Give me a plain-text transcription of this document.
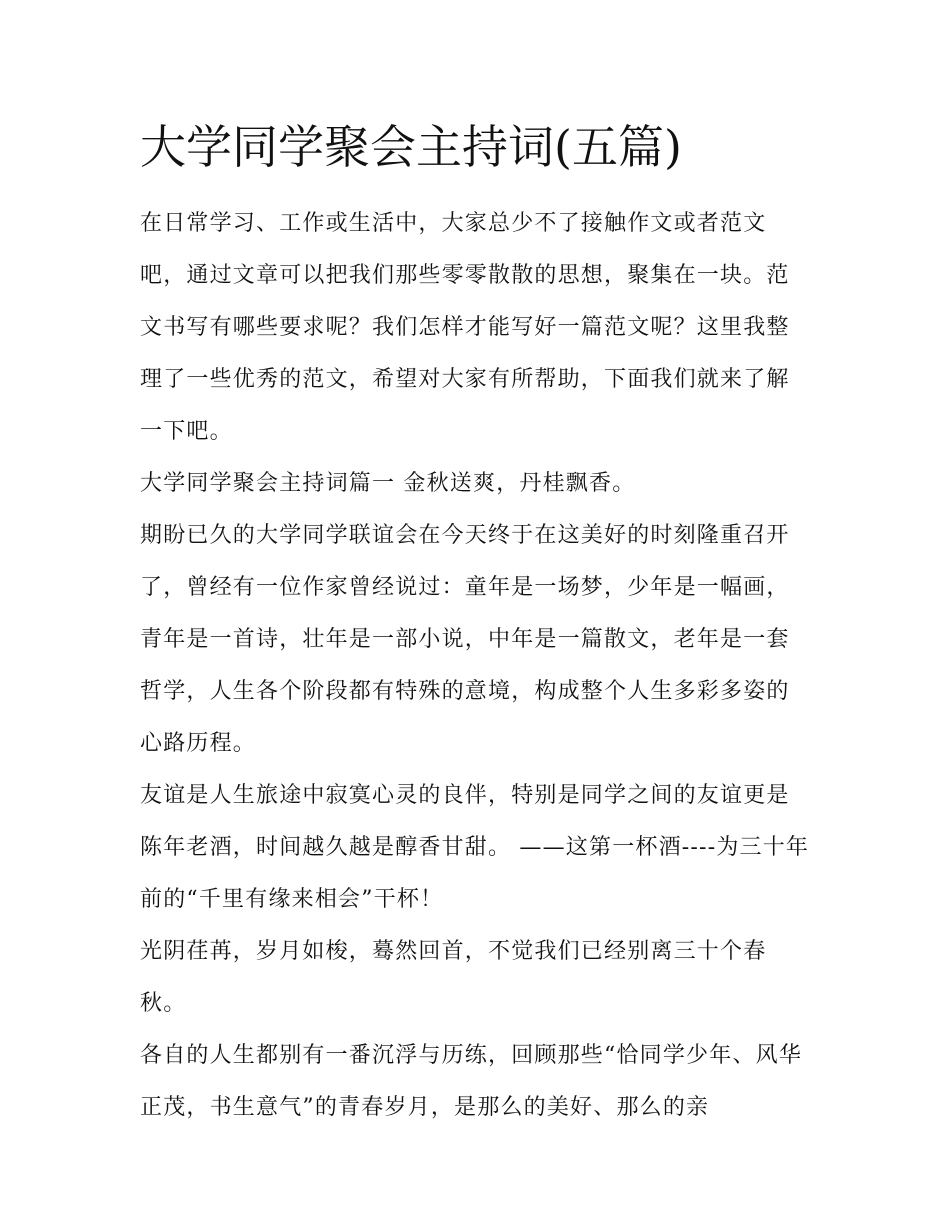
大学同学聚会主持词(五篇)

在日常学习、工作或生活中，大家总少不了接触作文或者范文吧，通过文章可以把我们那些零零散散的思想，聚集在一块。范文书写有哪些要求呢？我们怎样才能写好一篇范文呢？这里我整理了一些优秀的范文，希望对大家有所帮助，下面我们就来了解一下吧。

大学同学聚会主持词篇一 金秋送爽，丹桂飘香。

期盼已久的大学同学联谊会在今天终于在这美好的时刻隆重召开了，曾经有一位作家曾经说过：童年是一场梦，少年是一幅画，青年是一首诗，壮年是一部小说，中年是一篇散文，老年是一套哲学，人生各个阶段都有特殊的意境，构成整个人生多彩多姿的心路历程。

友谊是人生旅途中寂寞心灵的良伴，特别是同学之间的友谊更是陈年老酒，时间越久越是醇香甘甜。 ——这第一杯酒----为三十年前的“千里有缘来相会”干杯！

光阴荏苒，岁月如梭，蓦然回首，不觉我们已经别离三十个春秋。

各自的人生都别有一番沉浮与历练，回顾那些“恰同学少年、风华正茂，书生意气”的青春岁月，是那么的美好、那么的亲
